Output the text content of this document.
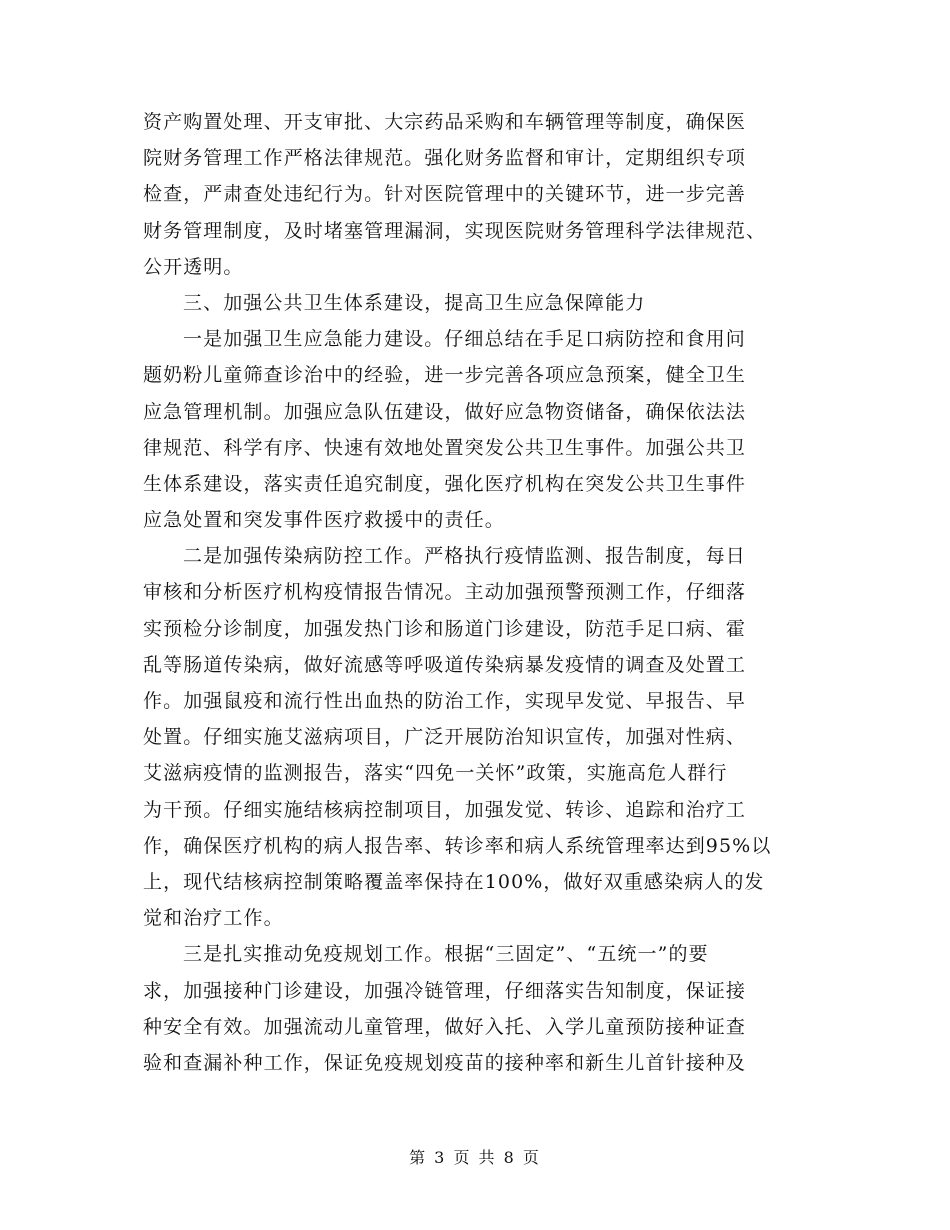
资产购置处理、开支审批、大宗药品采购和车辆管理等制度，确保医
院财务管理工作严格法律规范。强化财务监督和审计，定期组织专项
检查，严肃查处违纪行为。针对医院管理中的关键环节，进一步完善
财务管理制度，及时堵塞管理漏洞，实现医院财务管理科学法律规范、
公开透明。
三、加强公共卫生体系建设，提高卫生应急保障能力
一是加强卫生应急能力建设。仔细总结在手足口病防控和食用问
题奶粉儿童筛查诊治中的经验，进一步完善各项应急预案，健全卫生
应急管理机制。加强应急队伍建设，做好应急物资储备，确保依法法
律规范、科学有序、快速有效地处置突发公共卫生事件。加强公共卫
生体系建设，落实责任追究制度，强化医疗机构在突发公共卫生事件
应急处置和突发事件医疗救援中的责任。
二是加强传染病防控工作。严格执行疫情监测、报告制度，每日
审核和分析医疗机构疫情报告情况。主动加强预警预测工作，仔细落
实预检分诊制度，加强发热门诊和肠道门诊建设，防范手足口病、霍
乱等肠道传染病，做好流感等呼吸道传染病暴发疫情的调查及处置工
作。加强鼠疫和流行性出血热的防治工作，实现早发觉、早报告、早
处置。仔细实施艾滋病项目，广泛开展防治知识宣传，加强对性病、
艾滋病疫情的监测报告，落实“四免一关怀”政策，实施高危人群行
为干预。仔细实施结核病控制项目，加强发觉、转诊、追踪和治疗工
作，确保医疗机构的病人报告率、转诊率和病人系统管理率达到95%以
上，现代结核病控制策略覆盖率保持在100%，做好双重感染病人的发
觉和治疗工作。
三是扎实推动免疫规划工作。根据“三固定”、“五统一”的要
求，加强接种门诊建设，加强冷链管理，仔细落实告知制度，保证接
种安全有效。加强流动儿童管理，做好入托、入学儿童预防接种证查
验和查漏补种工作，保证免疫规划疫苗的接种率和新生儿首针接种及
第 3 页 共 8 页
